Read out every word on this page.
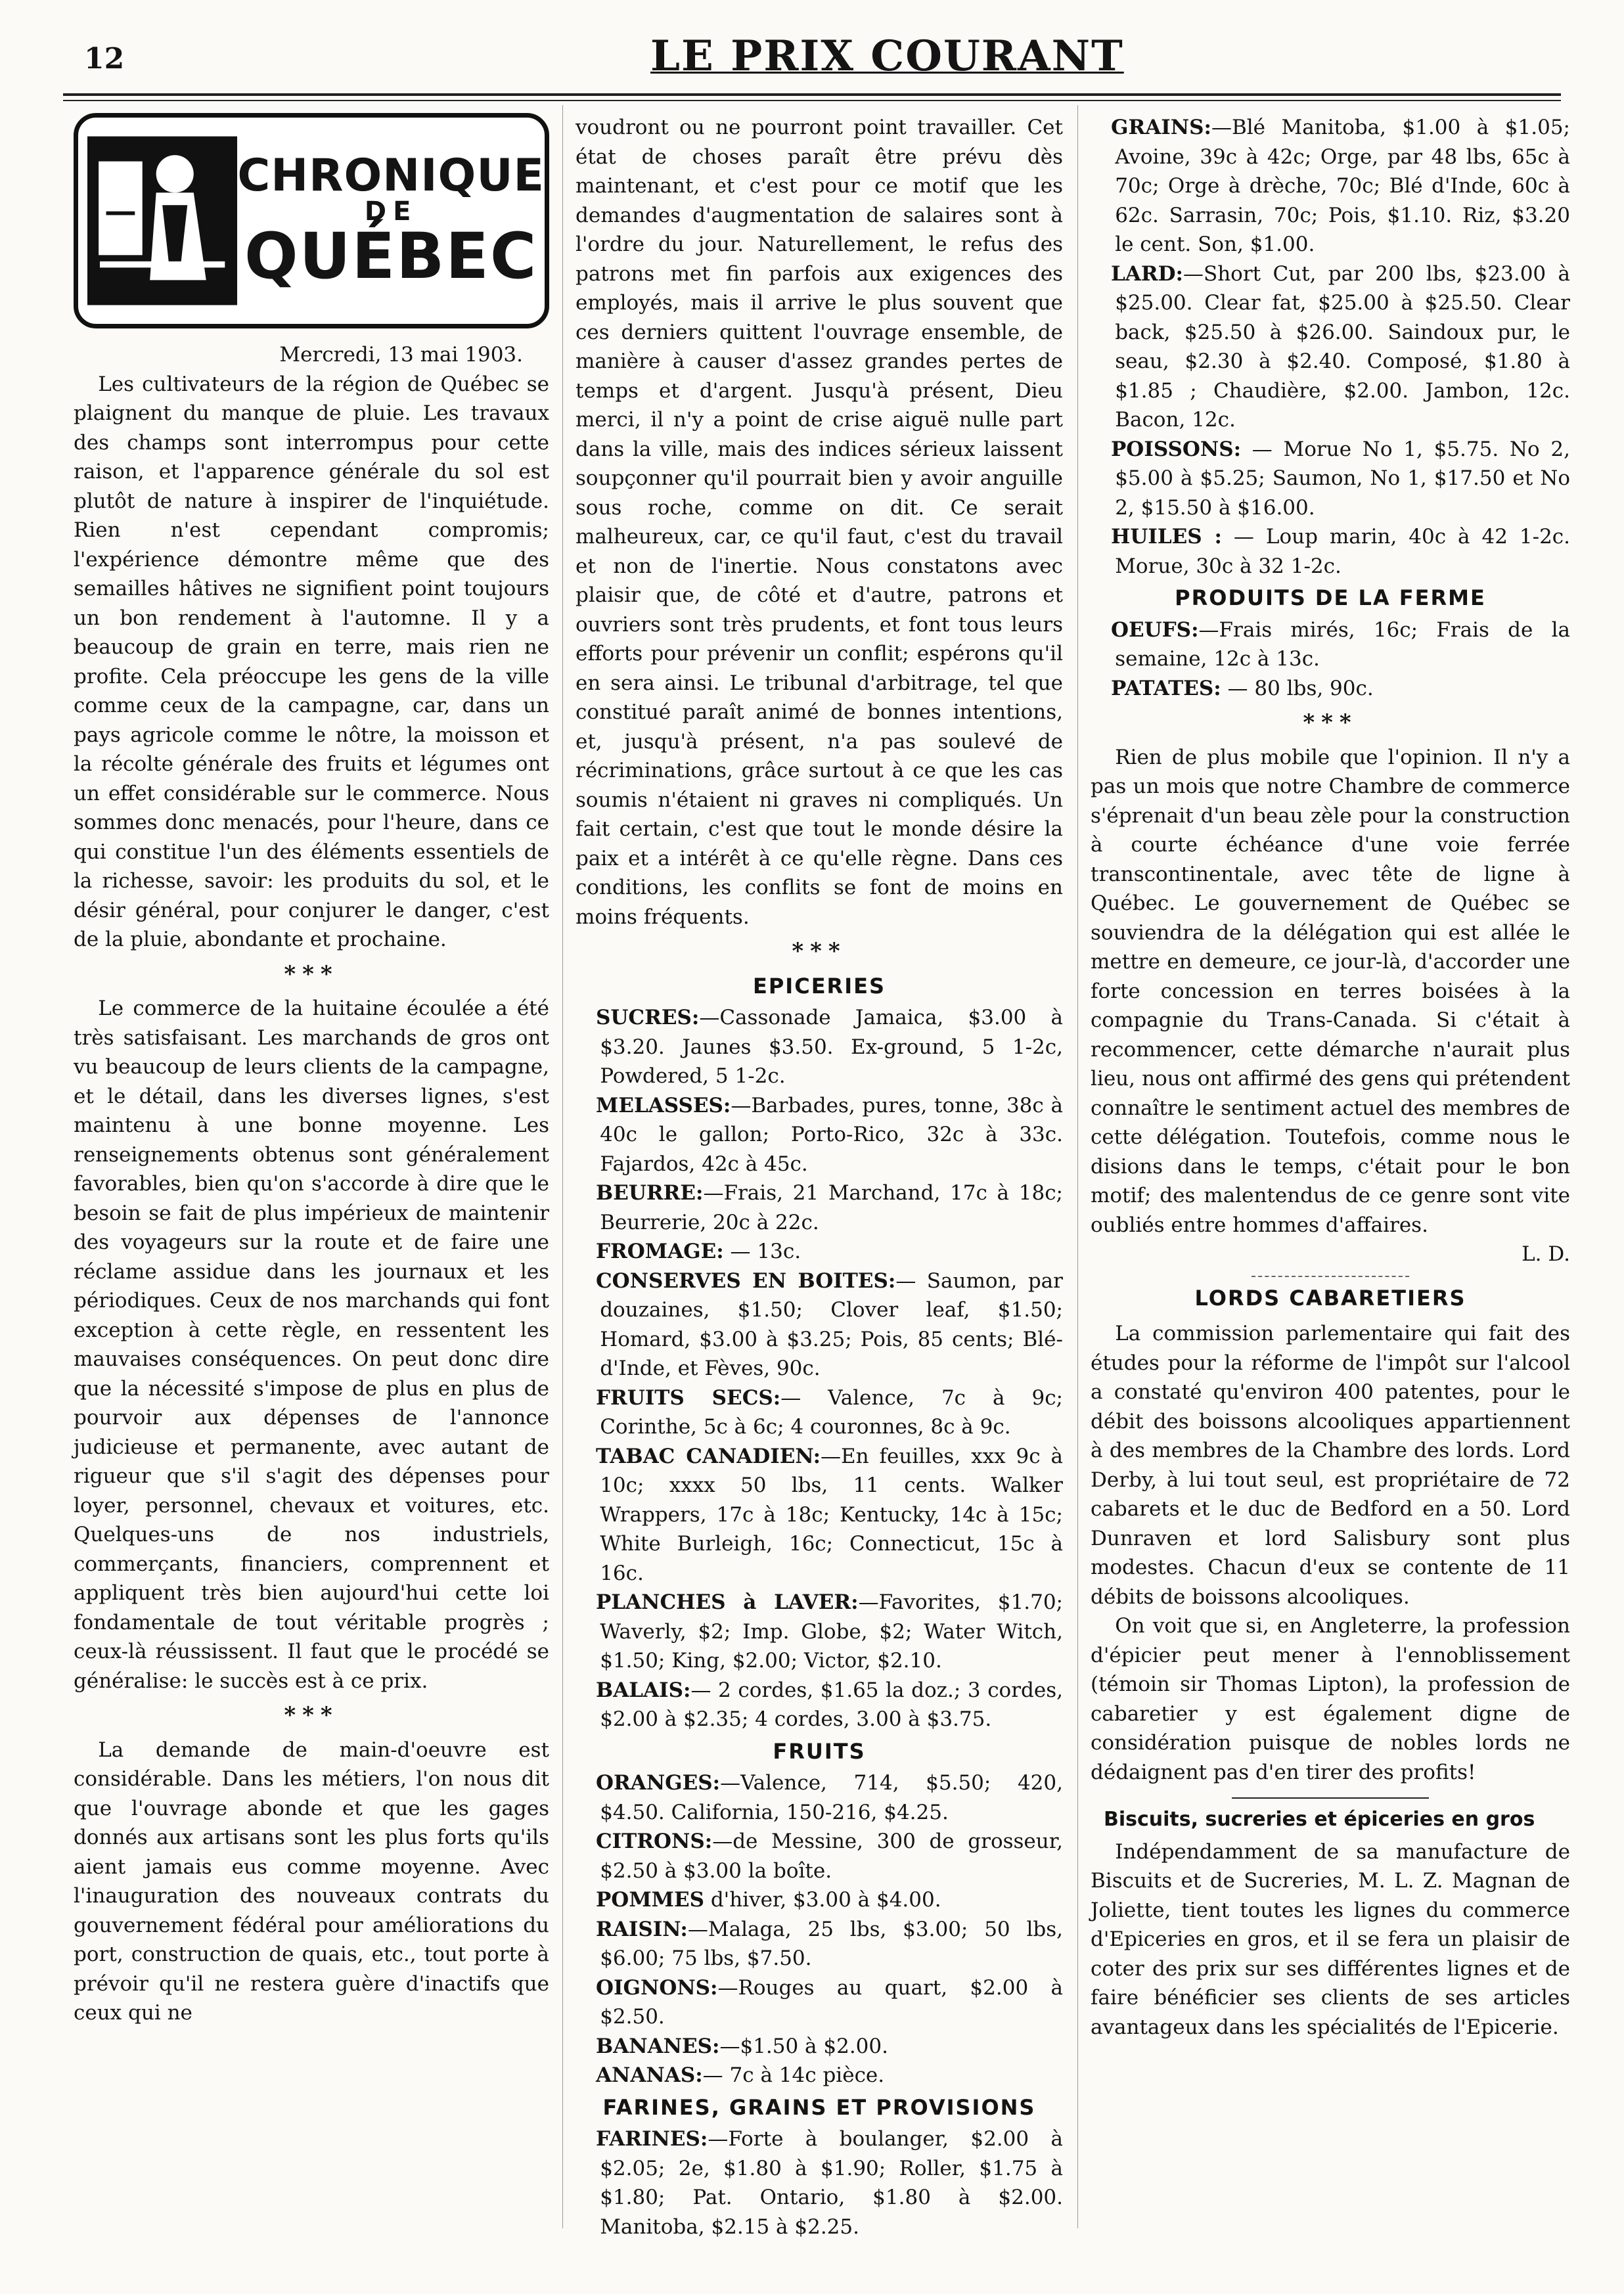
12	LE PRIX COURANT
CHRONIQUE
DE
QUÉBEC

Mercredi, 13 mai 1903.

Les cultivateurs de la région de Québec se plaignent du manque de pluie. Les travaux des champs sont interrompus pour cette raison, et l'apparence générale du sol est plutôt de nature à inspirer de l'inquiétude. Rien n'est cependant compromis; l'expérience démontre même que des semailles hâtives ne signifient point toujours un bon rendement à l'automne. Il y a beaucoup de grain en terre, mais rien ne profite. Cela préoccupe les gens de la ville comme ceux de la campagne, car, dans un pays agricole comme le nôtre, la moisson et la récolte générale des fruits et légumes ont un effet considérable sur le commerce. Nous sommes donc menacés, pour l'heure, dans ce qui constitue l'un des éléments essentiels de la richesse, savoir: les produits du sol, et le désir général, pour conjurer le danger, c'est de la pluie, abondante et prochaine.

***

Le commerce de la huitaine écoulée a été très satisfaisant. Les marchands de gros ont vu beaucoup de leurs clients de la campagne, et le détail, dans les diverses lignes, s'est maintenu à une bonne moyenne. Les renseignements obtenus sont généralement favorables, bien qu'on s'accorde à dire que le besoin se fait de plus impérieux de maintenir des voyageurs sur la route et de faire une réclame assidue dans les journaux et les périodiques. Ceux de nos marchands qui font exception à cette règle, en ressentent les mauvaises conséquences. On peut donc dire que la nécessité s'impose de plus en plus de pourvoir aux dépenses de l'annonce judicieuse et permanente, avec autant de rigueur que s'il s'agit des dépenses pour loyer, personnel, chevaux et voitures, etc. Quelques-uns de nos industriels, commerçants, financiers, comprennent et appliquent très bien aujourd'hui cette loi fondamentale de tout véritable progrès ; ceux-là réussissent. Il faut que le procédé se généralise: le succès est à ce prix.

***

La demande de main-d'oeuvre est considérable. Dans les métiers, l'on nous dit que l'ouvrage abonde et que les gages donnés aux artisans sont les plus forts qu'ils aient jamais eus comme moyenne. Avec l'inauguration des nouveaux contrats du gouvernement fédéral pour améliorations du port, construction de quais, etc., tout porte à prévoir qu'il ne restera guère d'inactifs que ceux qui ne

voudront ou ne pourront point travailler. Cet état de choses paraît être prévu dès maintenant, et c'est pour ce motif que les demandes d'augmentation de salaires sont à l'ordre du jour. Naturellement, le refus des patrons met fin parfois aux exigences des employés, mais il arrive le plus souvent que ces derniers quittent l'ouvrage ensemble, de manière à causer d'assez grandes pertes de temps et d'argent. Jusqu'à présent, Dieu merci, il n'y a point de crise aiguë nulle part dans la ville, mais des indices sérieux laissent soupçonner qu'il pourrait bien y avoir anguille sous roche, comme on dit. Ce serait malheureux, car, ce qu'il faut, c'est du travail et non de l'inertie. Nous constatons avec plaisir que, de côté et d'autre, patrons et ouvriers sont très prudents, et font tous leurs efforts pour prévenir un conflit; espérons qu'il en sera ainsi. Le tribunal d'arbitrage, tel que constitué paraît animé de bonnes intentions, et, jusqu'à présent, n'a pas soulevé de récriminations, grâce surtout à ce que les cas soumis n'étaient ni graves ni compliqués. Un fait certain, c'est que tout le monde désire la paix et a intérêt à ce qu'elle règne. Dans ces conditions, les conflits se font de moins en moins fréquents.

***

EPICERIES

SUCRES:—Cassonade Jamaica, $3.00 à $3.20. Jaunes $3.50. Ex-ground, 5 1-2c, Powdered, 5 1-2c.

MELASSES:—Barbades, pures, tonne, 38c à 40c le gallon; Porto-Rico, 32c à 33c. Fajardos, 42c à 45c.

BEURRE:—Frais, 21 Marchand, 17c à 18c; Beurrerie, 20c à 22c.

FROMAGE: — 13c.

CONSERVES EN BOITES:— Saumon, par douzaines, $1.50; Clover leaf, $1.50; Homard, $3.00 à $3.25; Pois, 85 cents; Blé-d'Inde, et Fèves, 90c.

FRUITS SECS:— Valence, 7c à 9c; Corinthe, 5c à 6c; 4 couronnes, 8c à 9c.

TABAC CANADIEN:—En feuilles, xxx 9c à 10c; xxxx 50 lbs, 11 cents. Walker Wrappers, 17c à 18c; Kentucky, 14c à 15c; White Burleigh, 16c; Connecticut, 15c à 16c.

PLANCHES à LAVER:—Favorites, $1.70; Waverly, $2; Imp. Globe, $2; Water Witch, $1.50; King, $2.00; Victor, $2.10.

BALAIS:— 2 cordes, $1.65 la doz.; 3 cordes, $2.00 à $2.35; 4 cordes, 3.00 à $3.75.

FRUITS

ORANGES:—Valence, 714, $5.50; 420, $4.50. California, 150-216, $4.25.

CITRONS:—de Messine, 300 de grosseur, $2.50 à $3.00 la boîte.

POMMES d'hiver, $3.00 à $4.00.

RAISIN:—Malaga, 25 lbs, $3.00; 50 lbs, $6.00; 75 lbs, $7.50.

OIGNONS:—Rouges au quart, $2.00 à $2.50.

BANANES:—$1.50 à $2.00.

ANANAS:— 7c à 14c pièce.

FARINES, GRAINS ET PROVISIONS

FARINES:—Forte à boulanger, $2.00 à $2.05; 2e, $1.80 à $1.90; Roller, $1.75 à $1.80; Pat. Ontario, $1.80 à $2.00. Manitoba, $2.15 à $2.25.

GRAINS:—Blé Manitoba, $1.00 à $1.05; Avoine, 39c à 42c; Orge, par 48 lbs, 65c à 70c; Orge à drèche, 70c; Blé d'Inde, 60c à 62c. Sarrasin, 70c; Pois, $1.10. Riz, $3.20 le cent. Son, $1.00.

LARD:—Short Cut, par 200 lbs, $23.00 à $25.00. Clear fat, $25.00 à $25.50. Clear back, $25.50 à $26.00. Saindoux pur, le seau, $2.30 à $2.40. Composé, $1.80 à $1.85 ; Chaudière, $2.00. Jambon, 12c. Bacon, 12c.

POISSONS: — Morue No 1, $5.75. No 2, $5.00 à $5.25; Saumon, No 1, $17.50 et No 2, $15.50 à $16.00.

HUILES : — Loup marin, 40c à 42 1-2c. Morue, 30c à 32 1-2c.

PRODUITS DE LA FERME

OEUFS:—Frais mirés, 16c; Frais de la semaine, 12c à 13c.

PATATES: — 80 lbs, 90c.

***

Rien de plus mobile que l'opinion. Il n'y a pas un mois que notre Chambre de commerce s'éprenait d'un beau zèle pour la construction à courte échéance d'une voie ferrée transcontinentale, avec tête de ligne à Québec. Le gouvernement de Québec se souviendra de la délégation qui est allée le mettre en demeure, ce jour-là, d'accorder une forte concession en terres boisées à la compagnie du Trans-Canada. Si c'était à recommencer, cette démarche n'aurait plus lieu, nous ont affirmé des gens qui prétendent connaître le sentiment actuel des membres de cette délégation. Toutefois, comme nous le disions dans le temps, c'était pour le bon motif; des malentendus de ce genre sont vite oubliés entre hommes d'affaires.

L. D.

LORDS CABARETIERS

La commission parlementaire qui fait des études pour la réforme de l'impôt sur l'alcool a constaté qu'environ 400 patentes, pour le débit des boissons alcooliques appartiennent à des membres de la Chambre des lords. Lord Derby, à lui tout seul, est propriétaire de 72 cabarets et le duc de Bedford en a 50. Lord Dunraven et lord Salisbury sont plus modestes. Chacun d'eux se contente de 11 débits de boissons alcooliques.

On voit que si, en Angleterre, la profession d'épicier peut mener à l'ennoblissement (témoin sir Thomas Lipton), la profession de cabaretier y est également digne de considération puisque de nobles lords ne dédaignent pas d'en tirer des profits!

Biscuits, sucreries et épiceries en gros

Indépendamment de sa manufacture de Biscuits et de Sucreries, M. L. Z. Magnan de Joliette, tient toutes les lignes du commerce d'Epiceries en gros, et il se fera un plaisir de coter des prix sur ses différentes lignes et de faire bénéficier ses clients de ses articles avantageux dans les spécialités de l'Epicerie.
